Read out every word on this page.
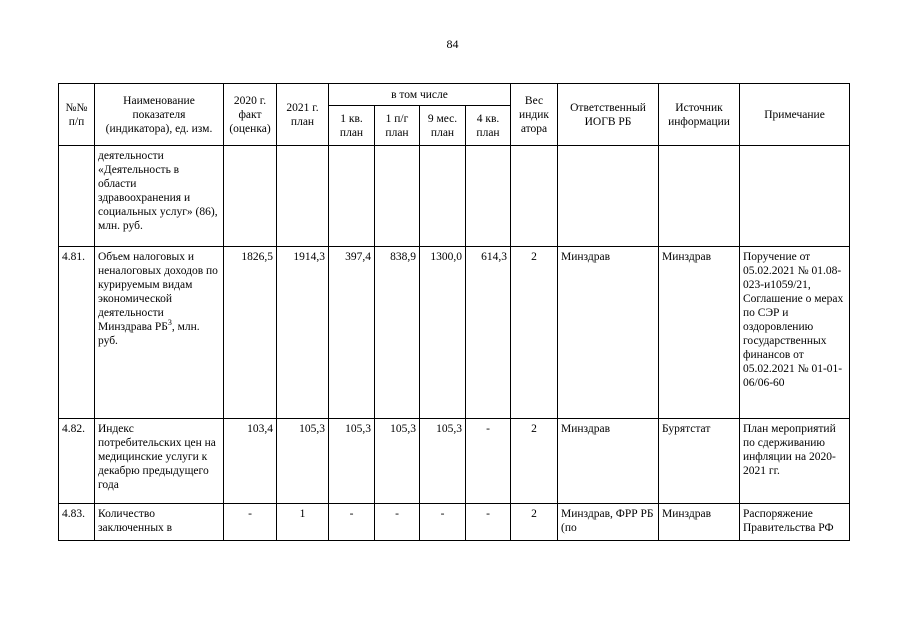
84
№№ п/п	Наименование показателя (индикатора), ед. изм.	2020 г. факт (оценка)	2021 г. план	в том числе				Вес индик атора	Ответственный ИОГВ РБ	Источник информации	Примечание
				1 кв. план	1 п/г план	9 мес. план	4 кв. план				
	деятельности «Деятельность в области здравоохранения и социальных услуг» (86), млн. руб.										
4.81.	Объем налоговых и неналоговых доходов по курируемым видам экономической деятельности Минздрава $РБ^3$, млн. руб.	1826,5	1914,3	397,4	838,9	1300,0	614,3	2	Минздрав	Минздрав	Поручение от 05.02.2021 № 01.08-023-и1059/21, Соглашение о мерах по СЭР и оздоровлению государственных финансов от 05.02.2021 № 01-01-06/06-60
4.82.	Индекс потребительских цен на медицинские услуги к декабрю предыдущего года	103,4	105,3	105,3	105,3	105,3	-	2	Минздрав	Бурятстат	План мероприятий по сдерживанию инфляции на 2020-2021 гг.
4.83.	Количество заключенных в	-	1	-	-	-	-	2	Минздрав, ФРР РБ (по	Минздрав	Распоряжение Правительства РФ
